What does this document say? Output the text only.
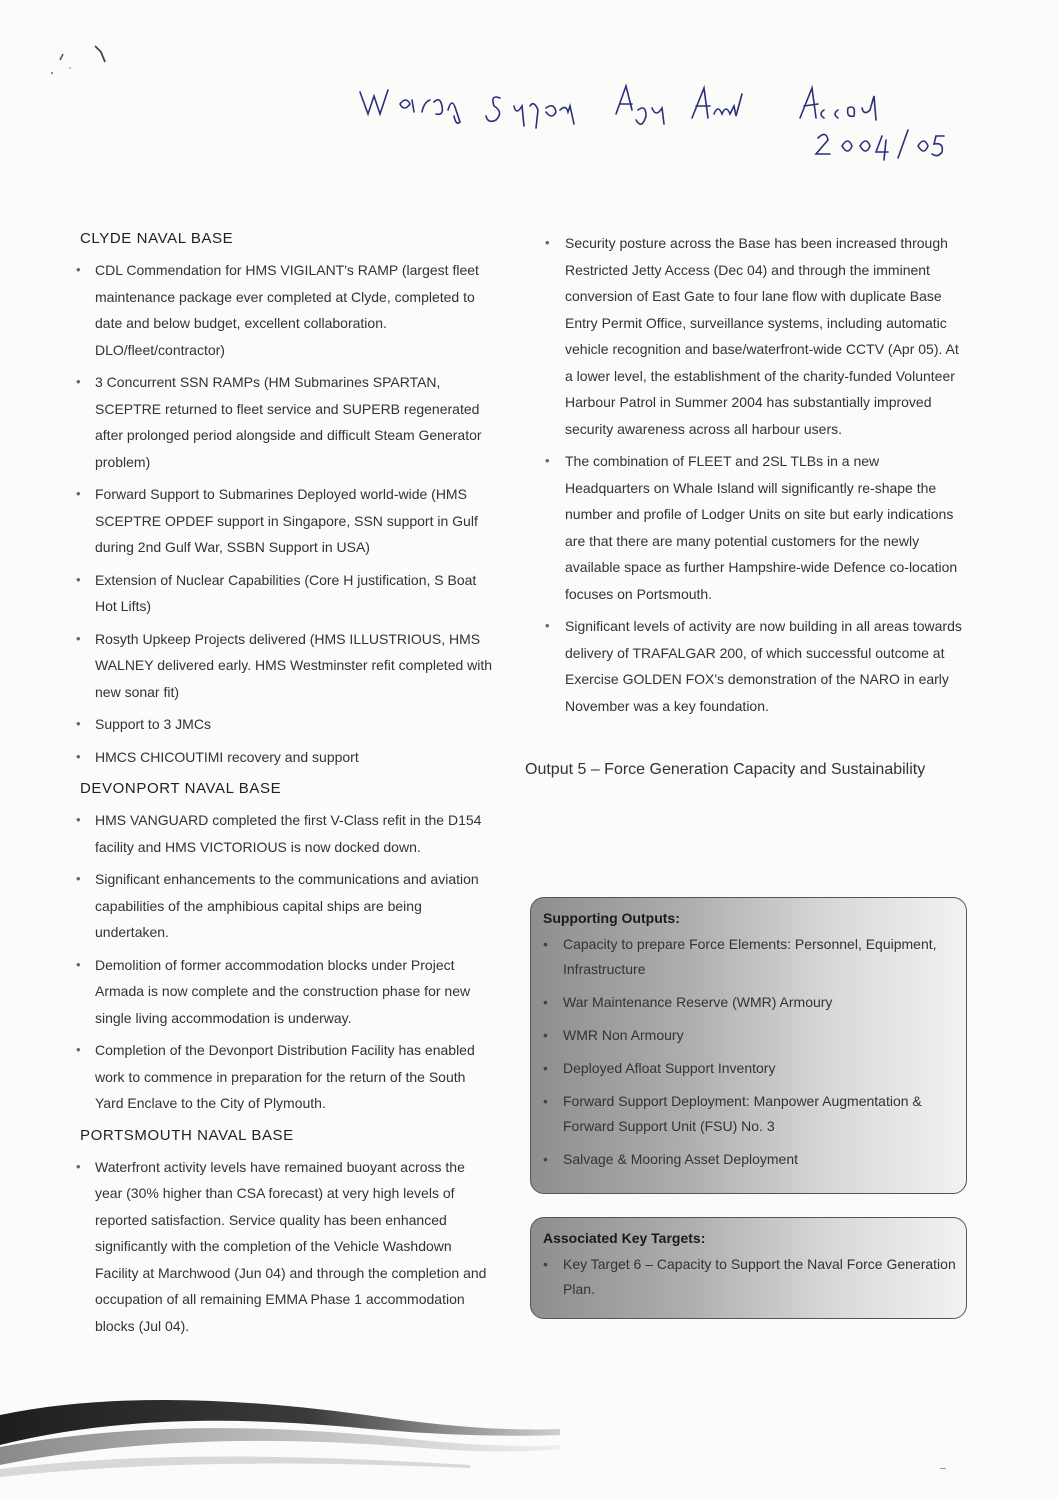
CLYDE NAVAL BASE
• CDL Commendation for HMS VIGILANT's RAMP (largest fleet maintenance package ever completed at Clyde, completed to date and below budget, excellent collaboration. DLO/fleet/contractor)
• 3 Concurrent SSN RAMPs (HM Submarines SPARTAN, SCEPTRE returned to fleet service and SUPERB regenerated after prolonged period alongside and difficult Steam Generator problem)
• Forward Support to Submarines Deployed world-wide (HMS SCEPTRE OPDEF support in Singapore, SSN support in Gulf during 2nd Gulf War, SSBN Support in USA)
• Extension of Nuclear Capabilities (Core H justification, S Boat Hot Lifts)
• Rosyth Upkeep Projects delivered (HMS ILLUSTRIOUS, HMS WALNEY delivered early. HMS Westminster refit completed with new sonar fit)
• Support to 3 JMCs
• HMCS CHICOUTIMI recovery and support
DEVONPORT NAVAL BASE
• HMS VANGUARD completed the first V-Class refit in the D154 facility and HMS VICTORIOUS is now docked down.
• Significant enhancements to the communications and aviation capabilities of the amphibious capital ships are being undertaken.
• Demolition of former accommodation blocks under Project Armada is now complete and the construction phase for new single living accommodation is underway.
• Completion of the Devonport Distribution Facility has enabled work to commence in preparation for the return of the South Yard Enclave to the City of Plymouth.
PORTSMOUTH NAVAL BASE
• Waterfront activity levels have remained buoyant across the year (30% higher than CSA forecast) at very high levels of reported satisfaction. Service quality has been enhanced significantly with the completion of the Vehicle Washdown Facility at Marchwood (Jun 04) and through the completion and occupation of all remaining EMMA Phase 1 accommodation blocks (Jul 04).
• Security posture across the Base has been increased through Restricted Jetty Access (Dec 04) and through the imminent conversion of East Gate to four lane flow with duplicate Base Entry Permit Office, surveillance systems, including automatic vehicle recognition and base/waterfront-wide CCTV (Apr 05). At a lower level, the establishment of the charity-funded Volunteer Harbour Patrol in Summer 2004 has substantially improved security awareness across all harbour users.
• The combination of FLEET and 2SL TLBs in a new Headquarters on Whale Island will significantly re-shape the number and profile of Lodger Units on site but early indications are that there are many potential customers for the newly available space as further Hampshire-wide Defence co-location focuses on Portsmouth.
• Significant levels of activity are now building in all areas towards delivery of TRAFALGAR 200, of which successful outcome at Exercise GOLDEN FOX's demonstration of the NARO in early November was a key foundation.
Output 5 – Force Generation Capacity and Sustainability
Supporting Outputs:
• Capacity to prepare Force Elements: Personnel, Equipment, Infrastructure
• War Maintenance Reserve (WMR) Armoury
• WMR Non Armoury
• Deployed Afloat Support Inventory
• Forward Support Deployment: Manpower Augmentation & Forward Support Unit (FSU) No. 3
• Salvage & Mooring Asset Deployment
Associated Key Targets:
• Key Target 6 – Capacity to Support the Naval Force Generation Plan.
